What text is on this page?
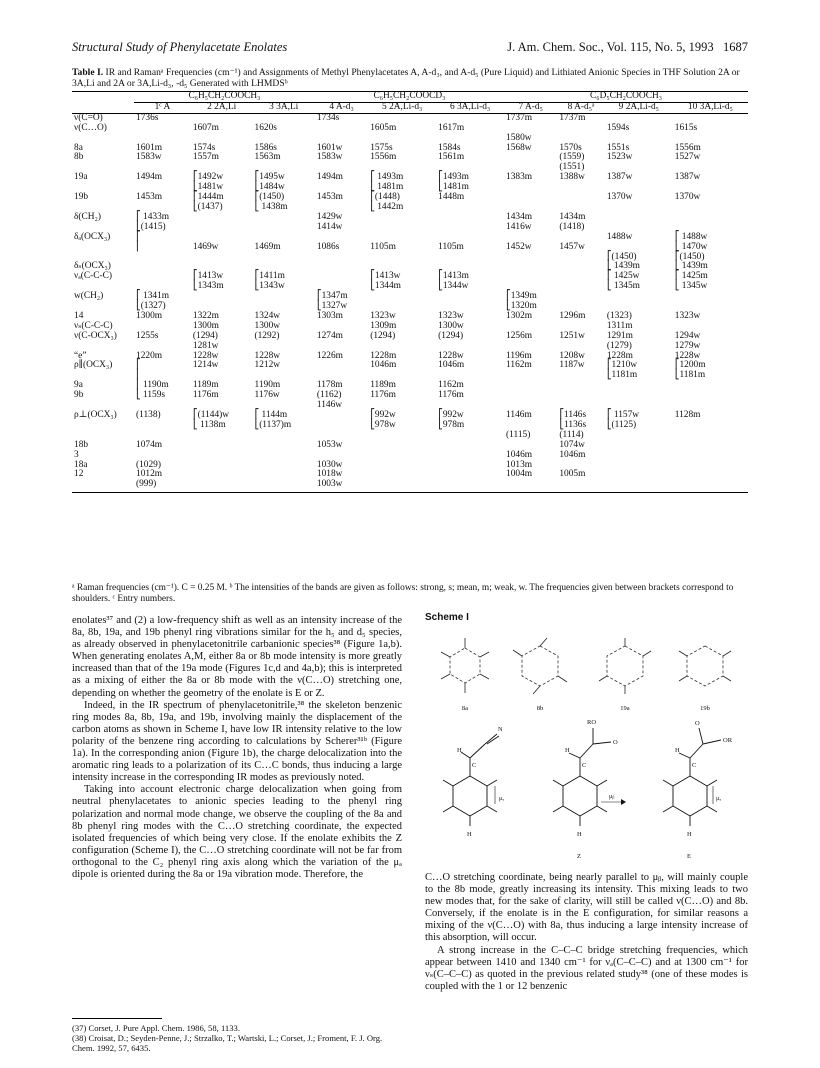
Structural Study of Phenylacetate Enolates	J. Am. Chem. Soc., Vol. 115, No. 5, 1993 1687
Table I. IR and Ramanᵃ Frequencies (cm⁻¹) and Assignments of Methyl Phenylacetates A, A-d₃, and A-d₅ (Pure Liquid) and Lithiated Anionic Species in THF Solution 2A or 3A,Li and 2A or 3A,Li-d₃, -d₅ Generated with LHMDSᵇ
	C₆H₅CH₂COOCH₃			C₆H₅CH₂COOCD₃			C₆D₅CH₂COOCH₃			
	1ᶜ A	2 2A,Li	3 3A,Li	4 A-d₃	5 2A,Li-d₃	6 3A,Li-d₃	7 A-d₅	8 A-d₅ᵃ	9 2A,Li-d₅	10 3A,Li-d₅
ν(C=O)	1736s			1734s			1737m	1737m		
ν(C…O)		1607m	1620s		1605m	1617m			1594s	1615s
							1580w			
8a	1601m	1574s	1586s	1601w	1575s	1584s	1568w	1570s	1551s	1556m
8b	1583w	1557m	1563m	1583w	1556m	1561m		(1559)	1523w	1527w
								(1551)		
19a	1494m	⎡1492w	⎡1495w	1494m	⎡ 1493m	⎡1493m	1383m	1388w	1387w	1387w
		⎣1481w	⎣1484w		⎣ 1481m	⎣1481m				
19b	1453m	⎡1444m	⎡(1450)	1453m	⎡(1448)	1448m			1370w	1370w
		⎣(1437)	⎣ 1438m		⎣ 1442m					
δ(CH₂)	⎡ 1433m			1429w			1434m	1434m		
	⎣(1415)			1414w			1416w	(1418)		
δₐ(OCX₃)	⎡								1488w	⎡ 1488w
	⎢	1469w	1469m	1086s	1105m	1105m	1452w	1457w		⎣ 1470w
									⎡(1450)	⎡(1450)
δₛ(OCX₃)									⎣ 1439m	⎣ 1439m
νₐ(C-C-C)		⎡1413w	⎡1411m		⎡1413w	⎡1413m			⎡ 1425w	⎡ 1425m
		⎣1343m	⎣1343w		⎣1344m	⎣1344w			⎣ 1345m	⎣ 1345w
w(CH₂)	⎡ 1341m			⎡1347m			⎡1349m			
	⎣(1327)			⎣1327w			⎣1320m			
14	1300m	1322m	1324w	1303m	1323w	1323w	1302m	1296m	(1323)	1323w
νₛ(C-C-C)		1300m	1300w		1309m	1300w			1311m	
ν(C-OCX₃)	1255s	(1294)	(1292)	1274m	(1294)	(1294)	1256m	1251w	1291m	1294w
		1281w							(1279)	1279w
“e”	1220m	1228w	1228w	1226m	1228m	1228w	1196m	1208w	1228m	1228w
ρ∥(OCX₃)	⎡	1214w	1212w		1046m	1046m	1162m	1187w	⎡1210w	⎡1200m
	⎢								⎣1181m	⎣1181m
9a	⎢ 1190m	1189m	1190m	1178m	1189m	1162m				
9b	⎣ 1159s	1176m	1176w	(1162)	1176m	1176m				
				1146w						
ρ⊥(OCX₃)	(1138)	⎡(1144)w	⎡ 1144m		⎡992w	⎡992w	1146m	⎡1146s	⎡ 1157w	1128m
		⎣ 1138m	⎣(1137)m		⎣978w	⎣978m		⎣1136s	⎣(1125)	
							(1115)	(1114)		
18b	1074m			1053w				1074w		
3							1046m	1046m		
18a	(1029)			1030w			1013m			
12	1012m			1018w			1004m	1005m		
	(999)			1003w						
ᵃ Raman frequencies (cm⁻¹). C = 0.25 M. ᵇ The intensities of the bands are given as follows: strong, s; mean, m; weak, w. The frequencies given between brackets correspond to shoulders. ᶜ Entry numbers.

enolates³⁷ and (2) a low-frequency shift as well as an intensity increase of the 8a, 8b, 19a, and 19b phenyl ring vibrations similar for the h₅ and d₅ species, as already observed in phenylacetonitrile carbanionic species³⁸ (Figure 1a,b). When generating enolates A,M, either 8a or 8b mode intensity is more greatly increased than that of the 19a mode (Figures 1c,d and 4a,b); this is interpreted as a mixing of either the 8a or 8b mode with the ν(C…O) stretching one, depending on whether the geometry of the enolate is E or Z.

Indeed, in the IR spectrum of phenylacetonitrile,³⁸ the skeleton benzenic ring modes 8a, 8b, 19a, and 19b, involving mainly the displacement of the carbon atoms as shown in Scheme I, have low IR intensity relative to the low polarity of the benzene ring according to calculations by Scherer³¹ᵇ (Figure 1a). In the corresponding anion (Figure 1b), the charge delocalization into the aromatic ring leads to a polarization of its C…C bonds, thus inducing a large intensity increase in the corresponding IR modes as previously noted.

Taking into account electronic charge delocalization when going from neutral phenylacetates to anionic species leading to the phenyl ring polarization and normal mode change, we observe the coupling of the 8a and 8b phenyl ring modes with the C…O stretching coordinate, the expected isolated frequencies of which being very close. If the enolate exhibits the Z configuration (Scheme I), the C…O stretching coordinate will not be far from orthogonal to the C₂ phenyl ring axis along which the variation of the μₐ dipole is oriented during the 8a or 19a vibration mode. Therefore, the

(37) Corset, J. Pure Appl. Chem. 1986, 58, 1133.

(38) Croisat, D.; Seyden-Penne, J.; Strzalko, T.; Wartski, L.; Corset, J.; Froment, F. J. Org. Chem. 1992, 57, 6435.

Scheme I
8a	8b	19a	19b
N
H
C
μₐ
RO
O
H
C
μᵦ
O
OR
H
C
μₐ
H	H	H
Z	E

C…O stretching coordinate, being nearly parallel to μᵦ, will mainly couple to the 8b mode, greatly increasing its intensity. This mixing leads to two new modes that, for the sake of clarity, will still be called ν(C…O) and 8b. Conversely, if the enolate is in the E configuration, for similar reasons a mixing of the ν(C…O) with 8a, thus inducing a large intensity increase of this absorption, will occur.

A strong increase in the C–C–C bridge stretching frequencies, which appear between 1410 and 1340 cm⁻¹ for νₐ(C–C–C) and at 1300 cm⁻¹ for νₛ(C–C–C) as quoted in the previous related study³⁸ (one of these modes is coupled with the 1 or 12 benzenic
